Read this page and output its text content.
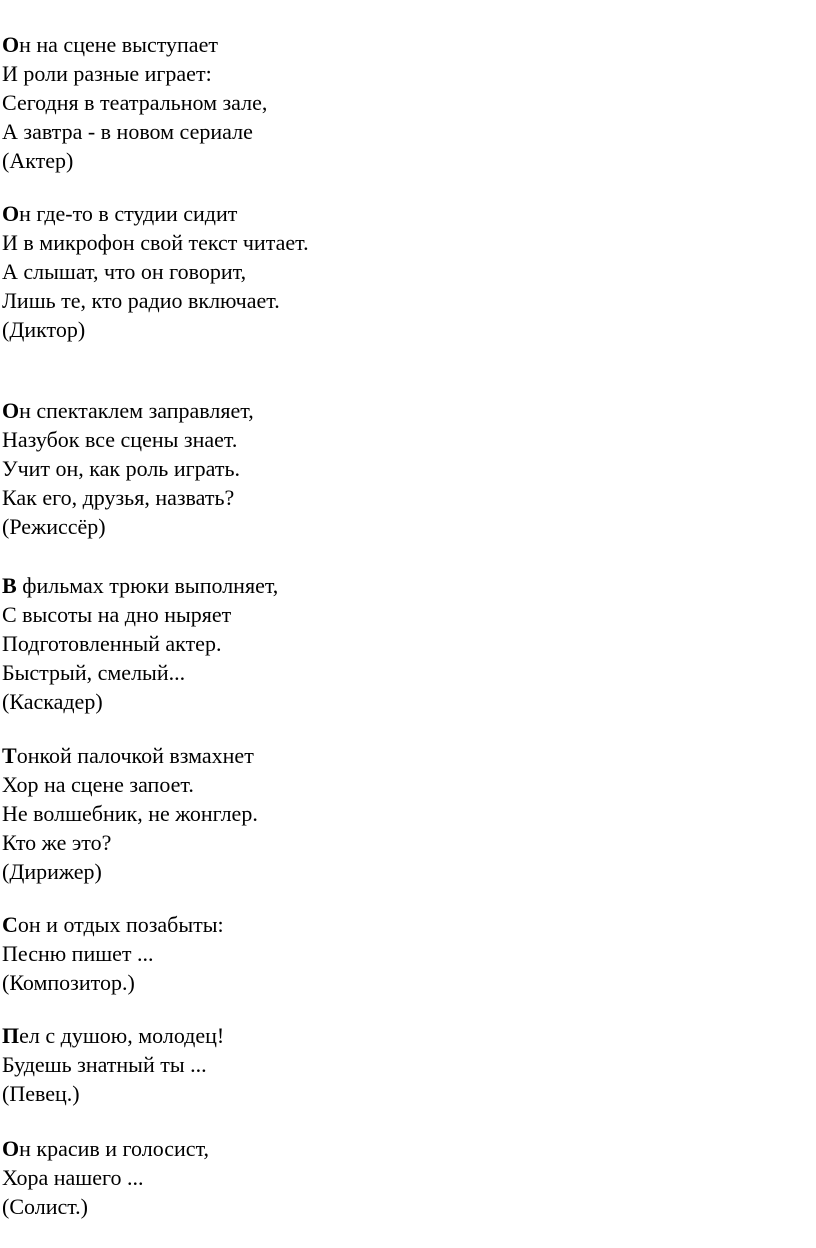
Он на сцене выступает
И роли разные играет:
Сегодня в театральном зале,
А завтра - в новом сериале
(Актер)
Он где-то в студии сидит
И в микрофон свой текст читает.
А слышат, что он говорит,
Лишь те, кто радио включает.
(Диктор)
Он спектаклем заправляет,
Назубок все сцены знает.
Учит он, как роль играть.
Как его, друзья, назвать?
(Режиссёр)
В фильмах трюки выполняет,
С высоты на дно ныряет
Подготовленный актер.
Быстрый, смелый...
(Каскадер)
Тонкой палочкой взмахнет
Хор на сцене запоет.
Не волшебник, не жонглер.
Кто же это?
(Дирижер)
Сон и отдых позабыты:
Песню пишет ...
(Композитор.)
Пел с душою, молодец!
Будешь знатный ты ...
(Певец.)
Он красив и голосист,
Хора нашего ...
(Солист.)
